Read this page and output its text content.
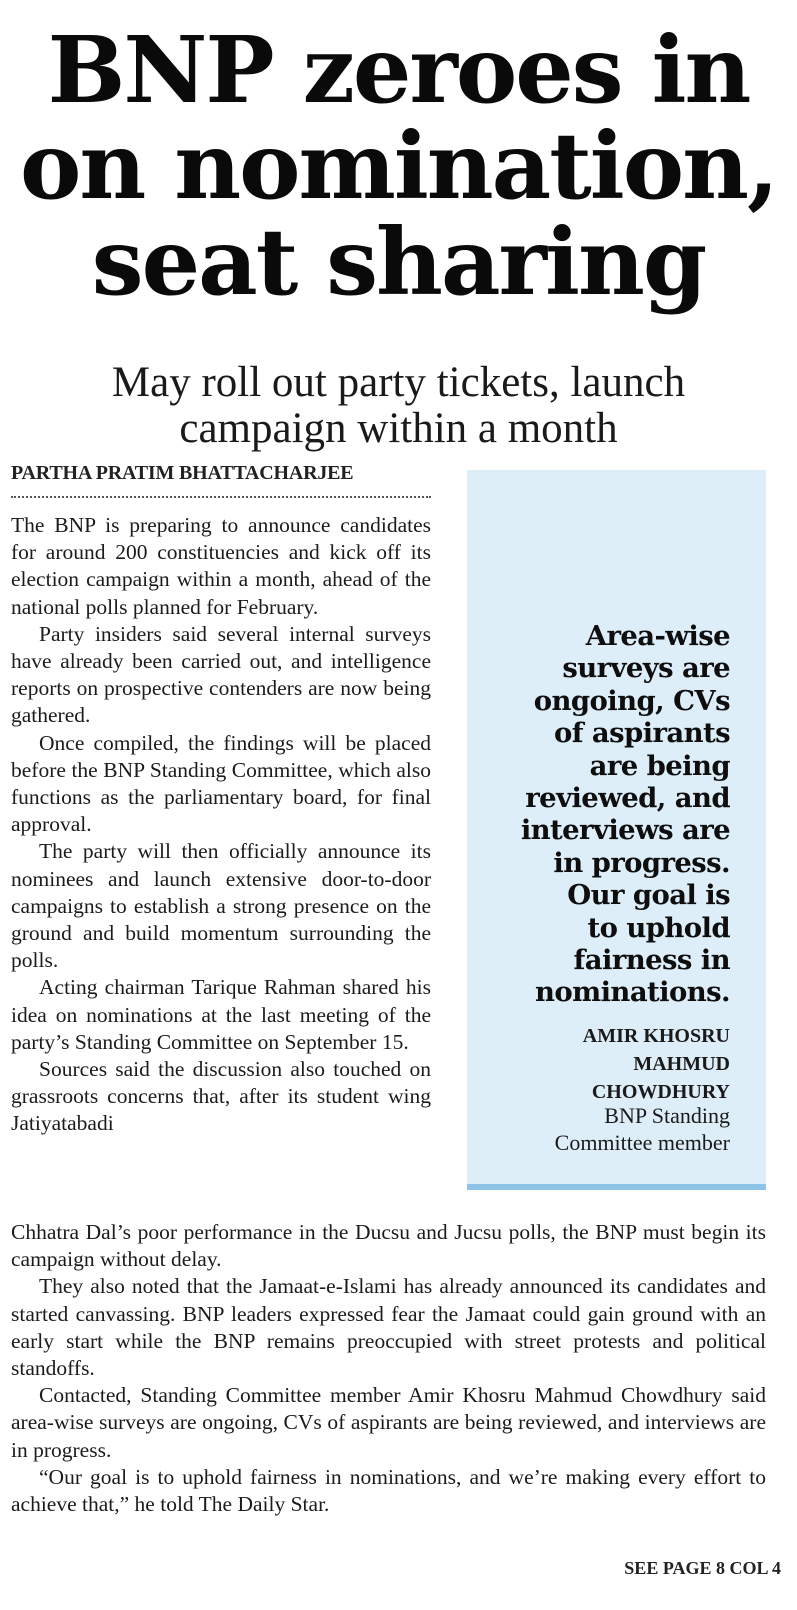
BNP zeroes in
on nomination,
seat sharing
May roll out party tickets, launch
campaign within a month
PARTHA PRATIM BHATTACHARJEE

The BNP is preparing to announce candidates for around 200 constituencies and kick off its election campaign within a month, ahead of the national polls planned for February.

Party insiders said several internal surveys have already been carried out, and intelligence reports on prospective contenders are now being gathered.

Once compiled, the findings will be placed before the BNP Standing Committee, which also functions as the parliamentary board, for final approval.

The party will then officially announce its nominees and launch extensive door-to-door campaigns to establish a strong presence on the ground and build momentum surrounding the polls.

Acting chairman Tarique Rahman shared his idea on nominations at the last meeting of the party’s Standing Committee on September 15.

Sources said the discussion also touched on grassroots concerns that, after its student wing Jatiyatabadi

Area-wise
surveys are
ongoing, CVs
of aspirants
are being
reviewed, and
interviews are
in progress.
Our goal is
to uphold
fairness in
nominations.
AMIR KHOSRU
MAHMUD
CHOWDHURY
BNP Standing
Committee member

Chhatra Dal’s poor performance in the Ducsu and Jucsu polls, the BNP must begin its campaign without delay.

They also noted that the Jamaat-e-Islami has already announced its candidates and started canvassing. BNP leaders expressed fear the Jamaat could gain ground with an early start while the BNP remains preoccupied with street protests and political standoffs.

Contacted, Standing Committee member Amir Khosru Mahmud Chowdhury said area-wise surveys are ongoing, CVs of aspirants are being reviewed, and interviews are in progress.

“Our goal is to uphold fairness in nominations, and we’re making every effort to achieve that,” he told The Daily Star.

SEE PAGE 8 COL 4
